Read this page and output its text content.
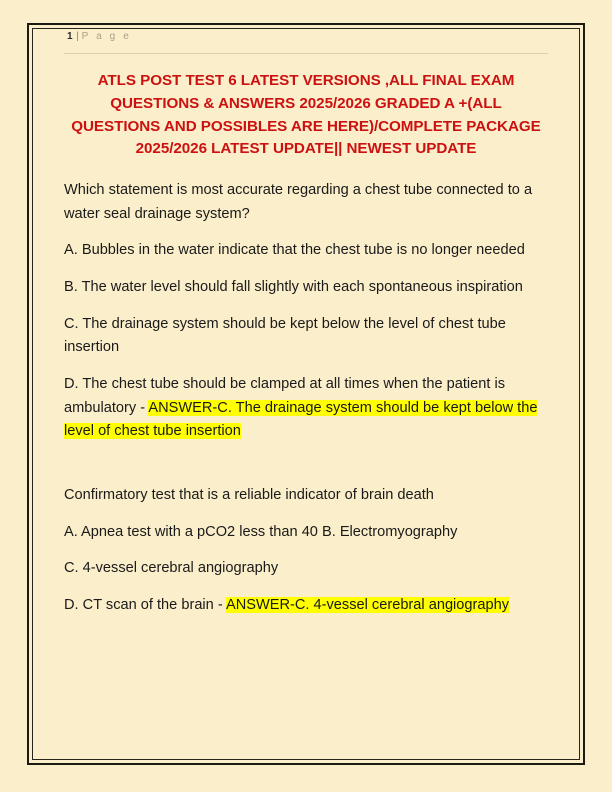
1 | P a g e
ATLS POST TEST 6 LATEST VERSIONS ,ALL FINAL EXAM QUESTIONS & ANSWERS 2025/2026 GRADED A +(ALL QUESTIONS AND POSSIBLES ARE HERE)/COMPLETE PACKAGE 2025/2026 LATEST UPDATE|| NEWEST UPDATE

Which statement is most accurate regarding a chest tube connected to a water seal drainage system?

A. Bubbles in the water indicate that the chest tube is no longer needed

B. The water level should fall slightly with each spontaneous inspiration

C. The drainage system should be kept below the level of chest tube insertion

D. The chest tube should be clamped at all times when the patient is ambulatory - ANSWER-C. The drainage system should be kept below the level of chest tube insertion

Confirmatory test that is a reliable indicator of brain death

A. Apnea test with a pCO2 less than 40 B. Electromyography

C. 4-vessel cerebral angiography

D. CT scan of the brain - ANSWER-C. 4-vessel cerebral angiography
